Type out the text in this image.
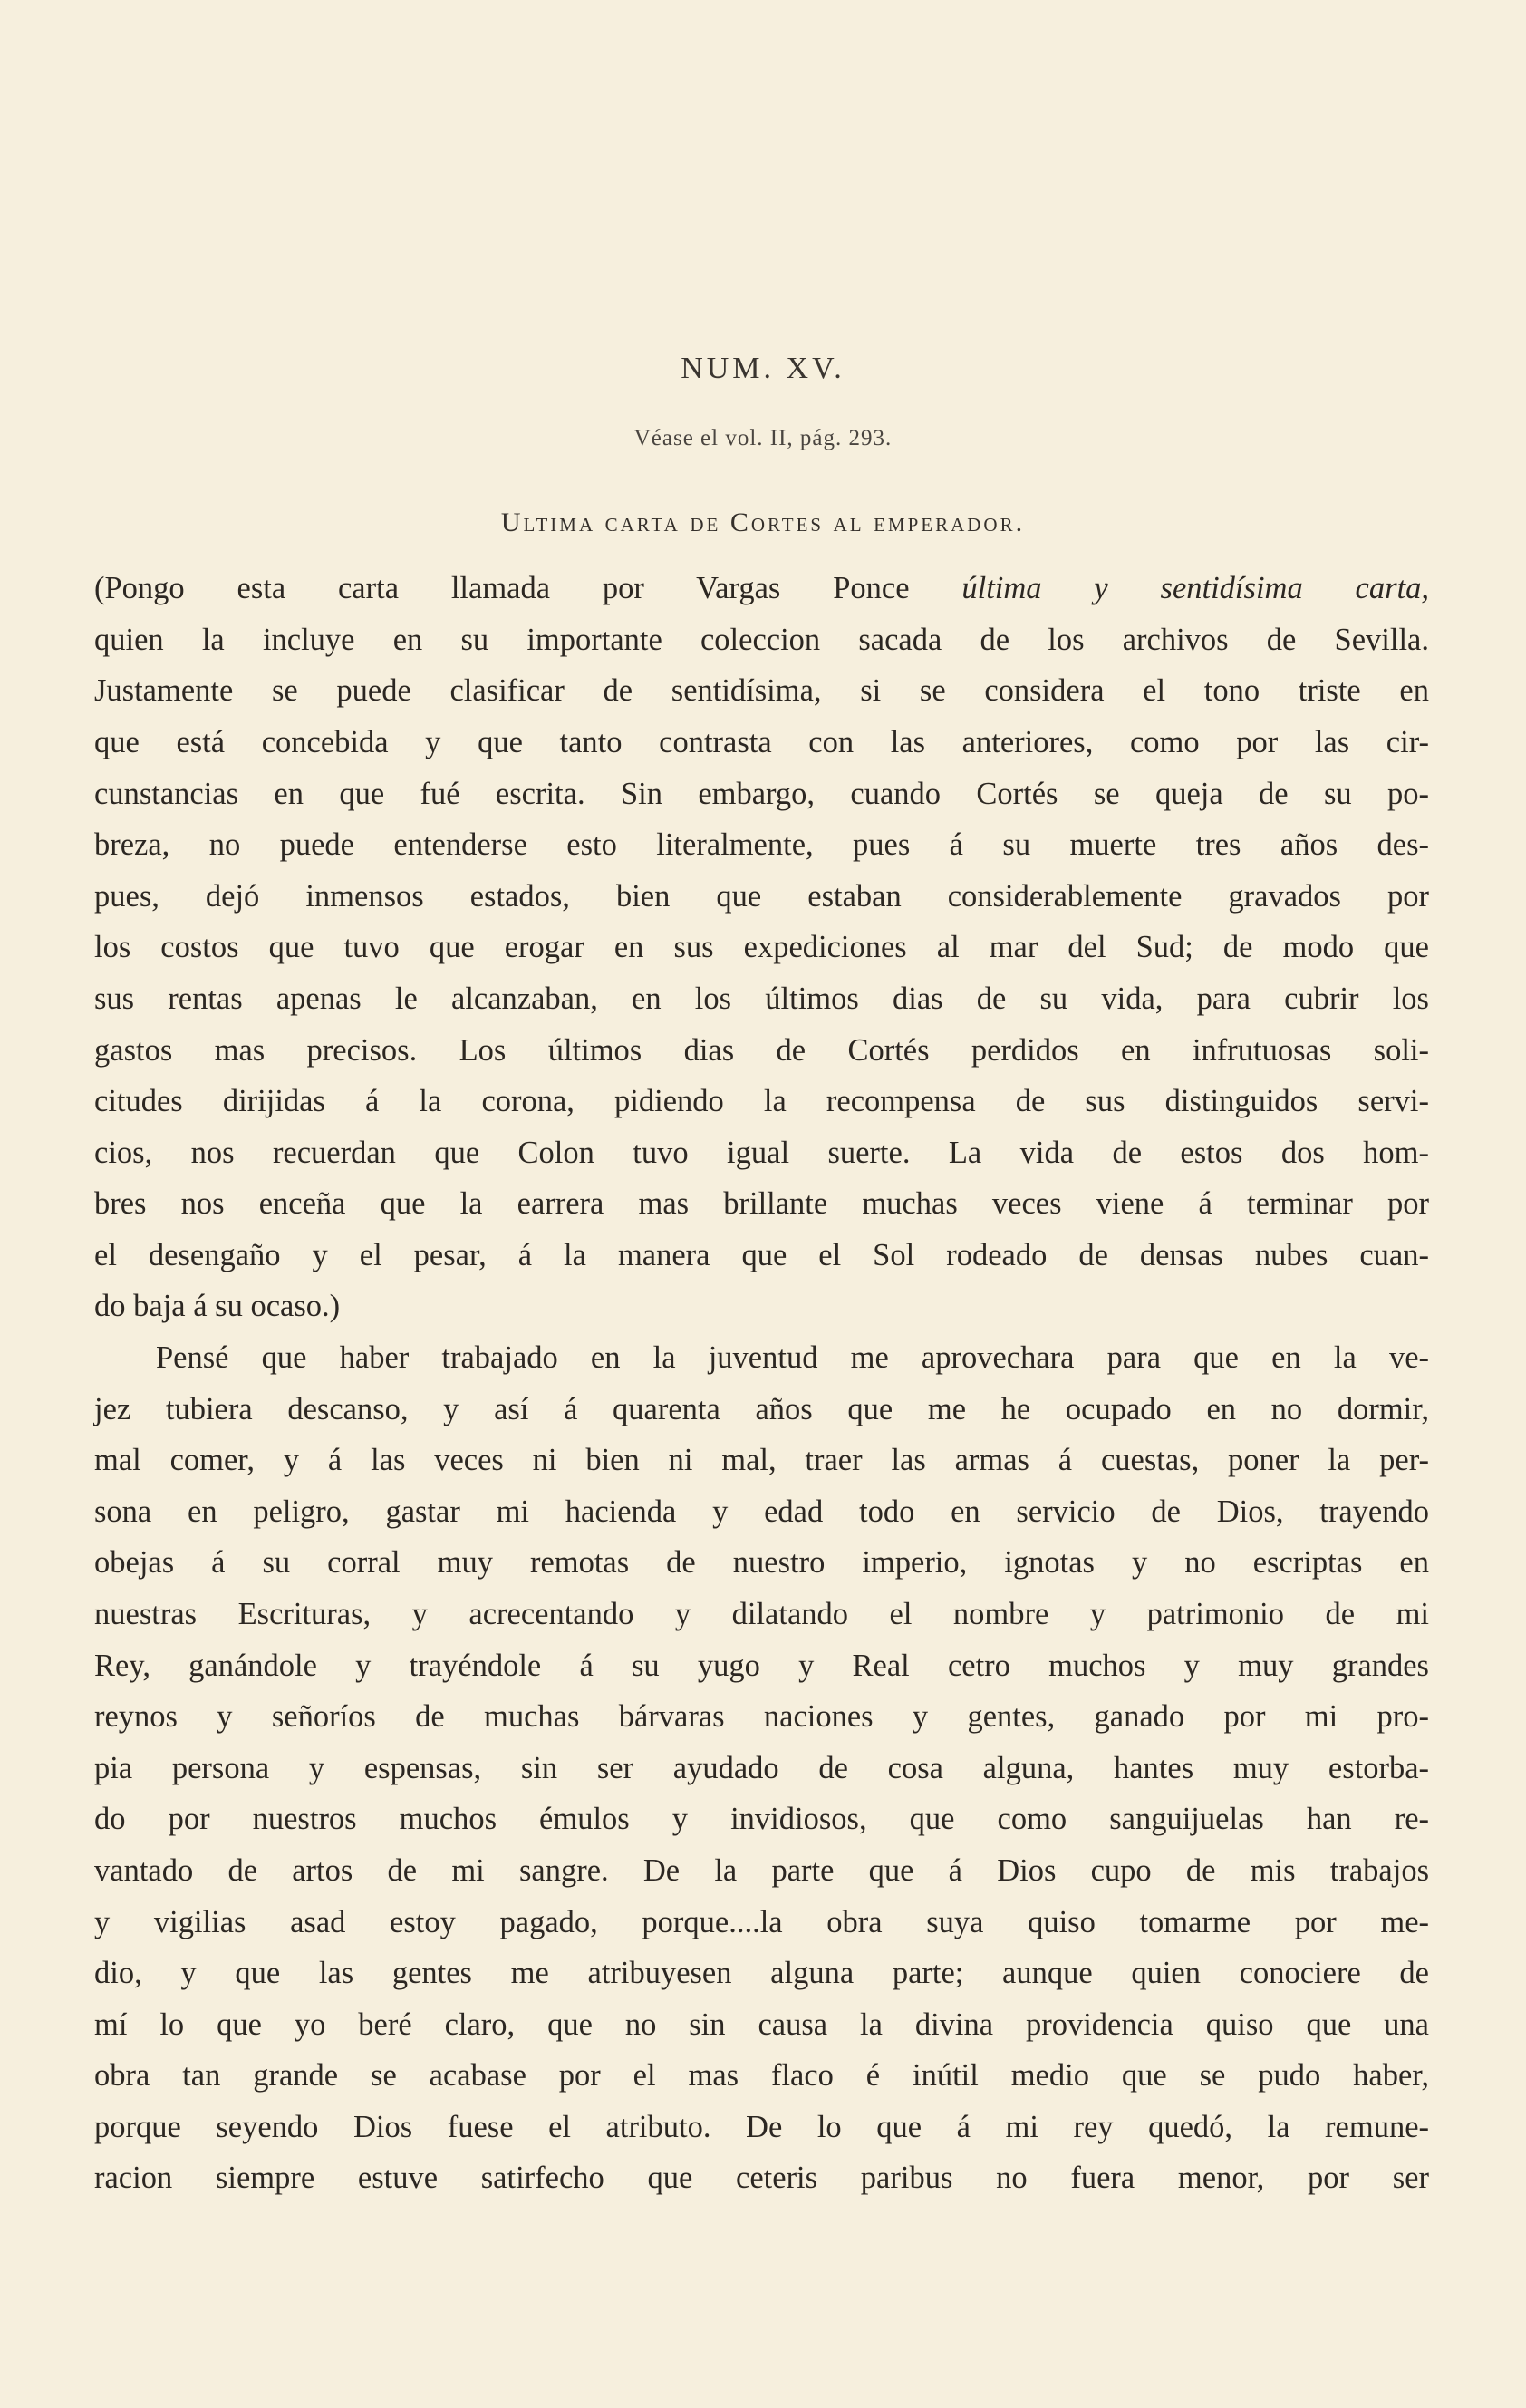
NUM. XV.
Véase el vol. II, pág. 293.
Ultima carta de Cortes al emperador.
(Pongo esta carta llamada por Vargas Ponce última y sentidísima carta,
quien la incluye en su importante coleccion sacada de los archivos de Sevilla.
Justamente se puede clasificar de sentidísima, si se considera el tono triste en
que está concebida y que tanto contrasta con las anteriores, como por las cir-
cunstancias en que fué escrita. Sin embargo, cuando Cortés se queja de su po-
breza, no puede entenderse esto literalmente, pues á su muerte tres años des-
pues, dejó inmensos estados, bien que estaban considerablemente gravados por
los costos que tuvo que erogar en sus expediciones al mar del Sud; de modo que
sus rentas apenas le alcanzaban, en los últimos dias de su vida, para cubrir los
gastos mas precisos. Los últimos dias de Cortés perdidos en infrutuosas soli-
citudes dirijidas á la corona, pidiendo la recompensa de sus distinguidos servi-
cios, nos recuerdan que Colon tuvo igual suerte. La vida de estos dos hom-
bres nos enceña que la earrera mas brillante muchas veces viene á terminar por
el desengaño y el pesar, á la manera que el Sol rodeado de densas nubes cuan-
do baja á su ocaso.)
Pensé que haber trabajado en la juventud me aprovechara para que en la ve-
jez tubiera descanso, y así á quarenta años que me he ocupado en no dormir,
mal comer, y á las veces ni bien ni mal, traer las armas á cuestas, poner la per-
sona en peligro, gastar mi hacienda y edad todo en servicio de Dios, trayendo
obejas á su corral muy remotas de nuestro imperio, ignotas y no escriptas en
nuestras Escrituras, y acrecentando y dilatando el nombre y patrimonio de mi
Rey, ganándole y trayéndole á su yugo y Real cetro muchos y muy grandes
reynos y señoríos de muchas bárvaras naciones y gentes, ganado por mi pro-
pia persona y espensas, sin ser ayudado de cosa alguna, hantes muy estorba-
do por nuestros muchos émulos y invidiosos, que como sanguijuelas han re-
vantado de artos de mi sangre. De la parte que á Dios cupo de mis trabajos
y vigilias asad estoy pagado, porque....la obra suya quiso tomarme por me-
dio, y que las gentes me atribuyesen alguna parte; aunque quien conociere de
mí lo que yo beré claro, que no sin causa la divina providencia quiso que una
obra tan grande se acabase por el mas flaco é inútil medio que se pudo haber,
porque seyendo Dios fuese el atributo. De lo que á mi rey quedó, la remune-
racion siempre estuve satirfecho que ceteris paribus no fuera menor, por ser
